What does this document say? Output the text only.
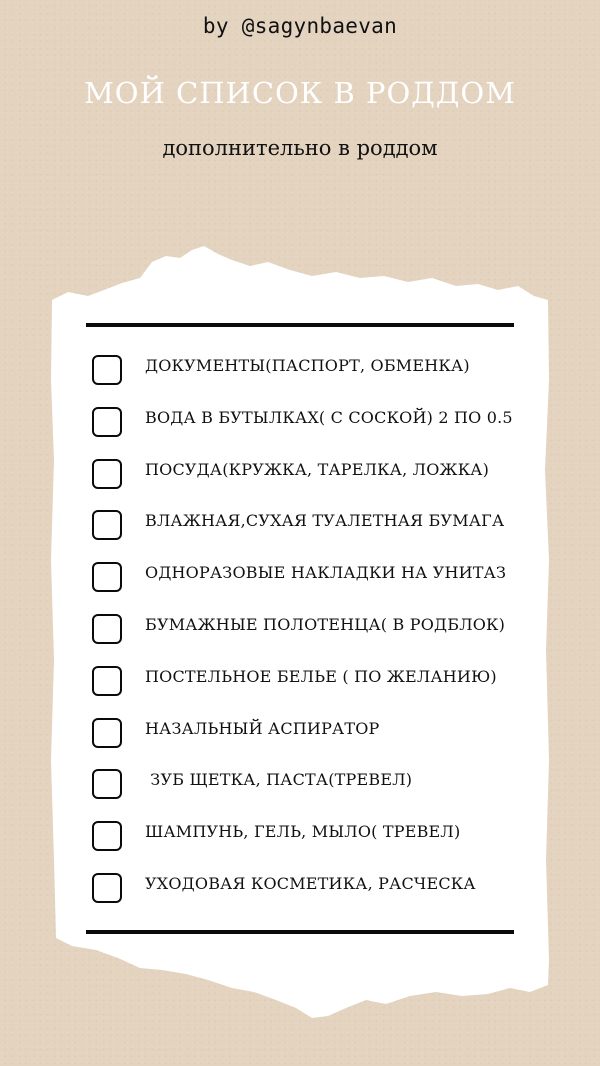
by @sagynbaevan
МОЙ СПИСОК В РОДДОМ
дополнительно в роддом
ДОКУМЕНТЫ(ПАСПОРТ, ОБМЕНКА)
ВОДА В БУТЫЛКАХ( С СОСКОЙ) 2 ПО 0.5
ПОСУДА(КРУЖКА, ТАРЕЛКА, ЛОЖКА)
ВЛАЖНАЯ,СУХАЯ ТУАЛЕТНАЯ БУМАГА
ОДНОРАЗОВЫЕ НАКЛАДКИ НА УНИТАЗ
БУМАЖНЫЕ ПОЛОТЕНЦА( В РОДБЛОК)
ПОСТЕЛЬНОЕ БЕЛЬЕ ( ПО ЖЕЛАНИЮ)
НАЗАЛЬНЫЙ АСПИРАТОР
ЗУБ ЩЕТКА, ПАСТА(ТРЕВЕЛ)
ШАМПУНЬ, ГЕЛЬ, МЫЛО( ТРЕВЕЛ)
УХОДОВАЯ КОСМЕТИКА, РАСЧЕСКА
